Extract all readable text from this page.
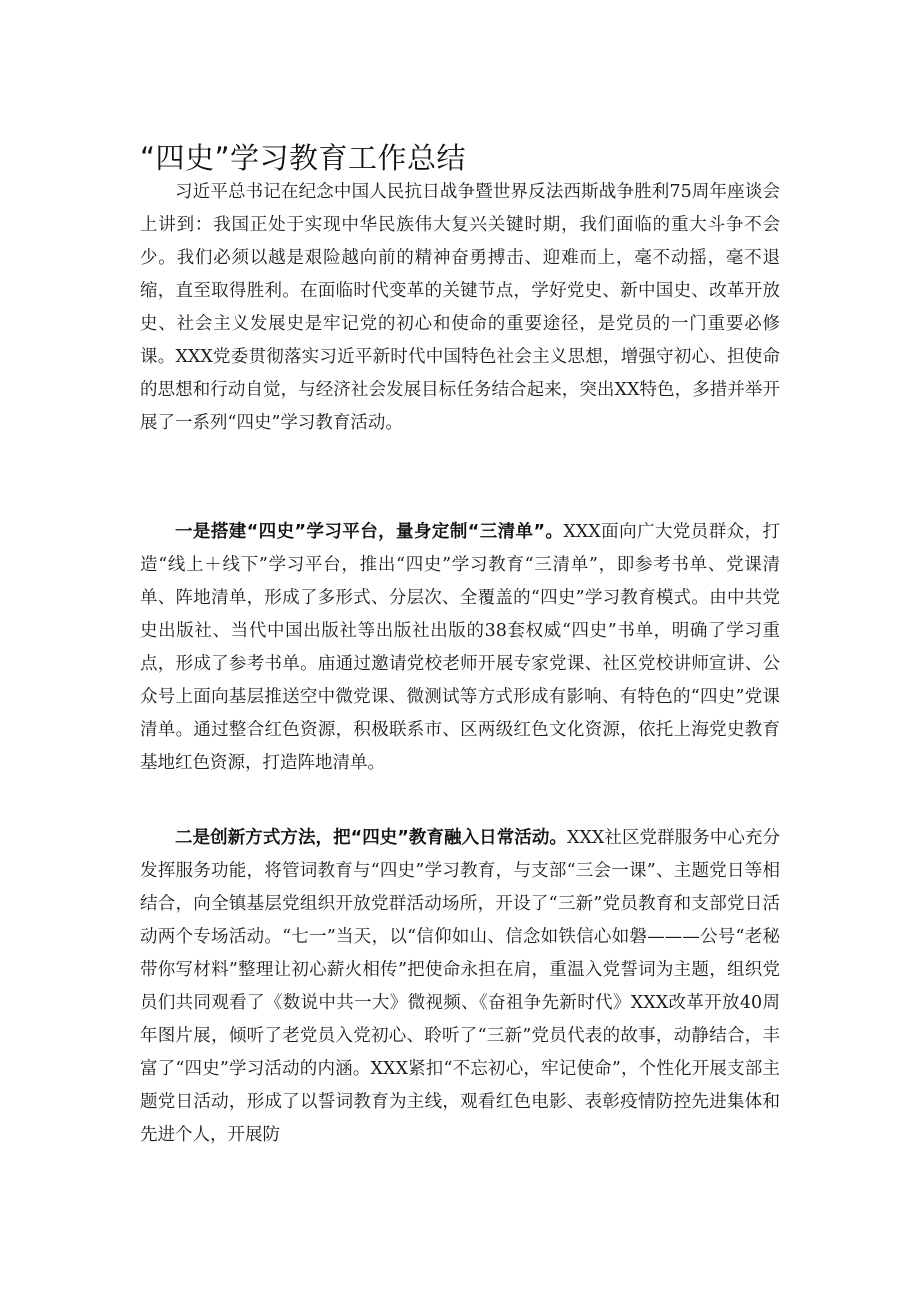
“四史”学习教育工作总结

习近平总书记在纪念中国人民抗日战争暨世界反法西斯战争胜利75周年座谈会上讲到：我国正处于实现中华民族伟大复兴关键时期，我们面临的重大斗争不会少。我们必须以越是艰险越向前的精神奋勇搏击、迎难而上，毫不动摇，毫不退缩，直至取得胜利。在面临时代变革的关键节点，学好党史、新中国史、改革开放史、社会主义发展史是牢记党的初心和使命的重要途径，是党员的一门重要必修课。XXX党委贯彻落实习近平新时代中国特色社会主义思想，增强守初心、担使命的思想和行动自觉，与经济社会发展目标任务结合起来，突出XX特色，多措并举开展了一系列“四史”学习教育活动。

一是搭建“四史”学习平台，量身定制“三清单”。XXX面向广大党员群众，打造“线上＋线下”学习平台，推出“四史”学习教育“三清单”，即参考书单、党课清单、阵地清单，形成了多形式、分层次、全覆盖的“四史”学习教育模式。由中共党史出版社、当代中国出版社等出版社出版的38套权威“四史”书单，明确了学习重点，形成了参考书单。庙通过邀请党校老师开展专家党课、社区党校讲师宣讲、公众号上面向基层推送空中微党课、微测试等方式形成有影响、有特色的“四史”党课清单。通过整合红色资源，积极联系市、区两级红色文化资源，依托上海党史教育基地红色资源，打造阵地清单。

二是创新方式方法，把“四史”教育融入日常活动。XXX社区党群服务中心充分发挥服务功能，将管词教育与“四史”学习教育，与支部“三会一课”、主题党日等相结合，向全镇基层党组织开放党群活动场所，开设了“三新”党员教育和支部党日活动两个专场活动。“七一”当天，以“信仰如山、信念如铁信心如磐———公号“老秘带你写材料”整理让初心薪火相传”把使命永担在肩，重温入党誓词为主题，组织党员们共同观看了《数说中共一大》微视频、《奋祖争先新时代》XXX改革开放40周年图片展，倾听了老党员入党初心、聆听了“三新”党员代表的故事，动静结合，丰富了“四史”学习活动的内涵。XXX紧扣“不忘初心，牢记使命”，个性化开展支部主题党日活动，形成了以誓词教育为主线，观看红色电影、表彰疫情防控先进集体和先进个人，开展防
